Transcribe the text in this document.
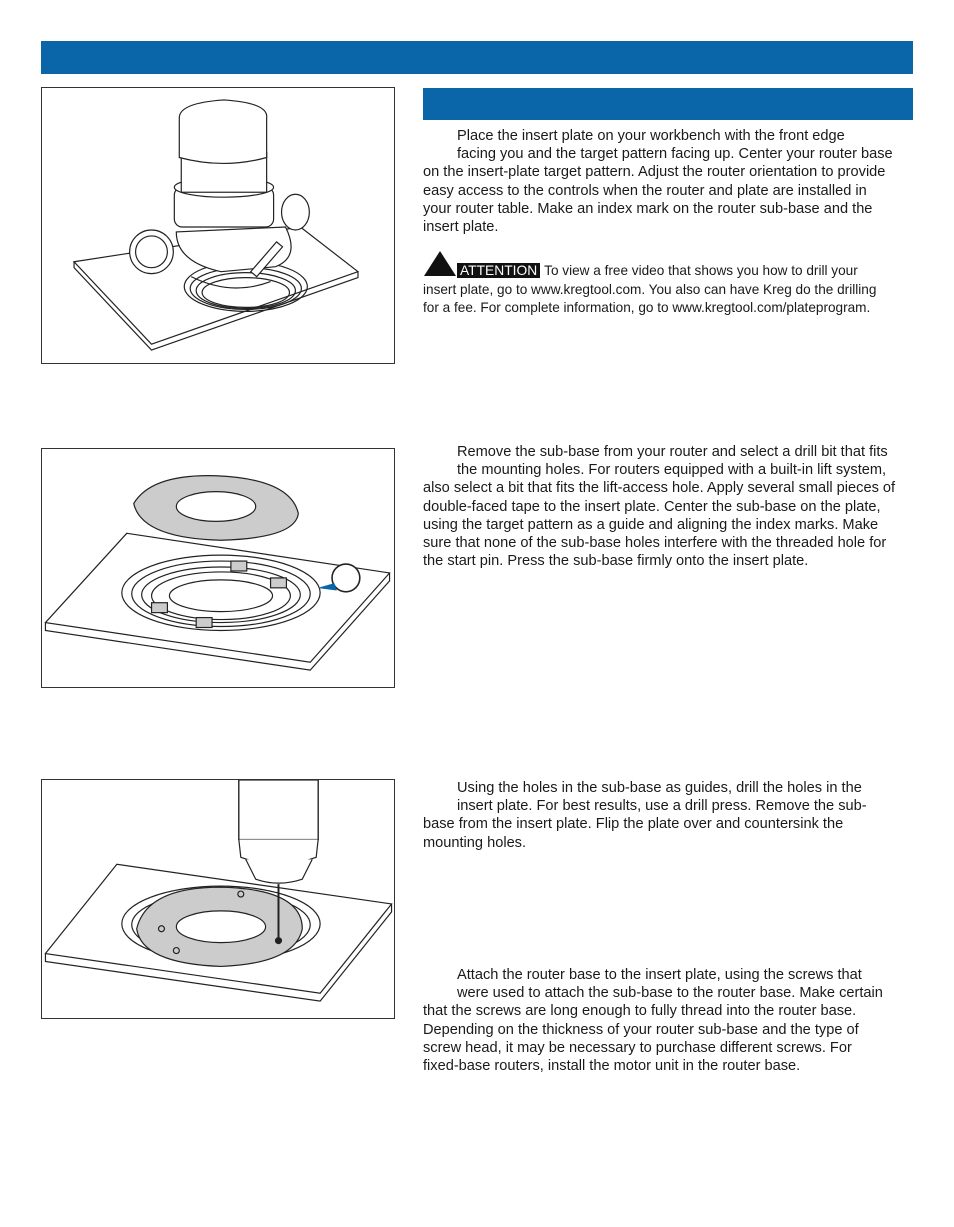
Place the insert plate on your workbench with the front edge
facing you and the target pattern facing up. Center your router base
on the insert-plate target pattern. Adjust the router orientation to provide
easy access to the controls when the router and plate are installed in
your router table. Make an index mark on the router sub-base and the
insert plate.
ATTENTION To view a free video that shows you how to drill your
insert plate, go to www.kregtool.com. You also can have Kreg do the drilling
for a fee. For complete information, go to www.kregtool.com/plateprogram.
Remove the sub-base from your router and select a drill bit that fits
the mounting holes. For routers equipped with a built-in lift system,
also select a bit that fits the lift-access hole. Apply several small pieces of
double-faced tape to the insert plate. Center the sub-base on the plate,
using the target pattern as a guide and aligning the index marks. Make
sure that none of the sub-base holes interfere with the threaded hole for
the start pin. Press the sub-base firmly onto the insert plate.
Using the holes in the sub-base as guides, drill the holes in the
insert plate. For best results, use a drill press. Remove the sub-
base from the insert plate. Flip the plate over and countersink the
mounting holes.
Attach the router base to the insert plate, using the screws that
were used to attach the sub-base to the router base. Make certain
that the screws are long enough to fully thread into the router base.
Depending on the thickness of your router sub-base and the type of
screw head, it may be necessary to purchase different screws. For
fixed-base routers, install the motor unit in the router base.
